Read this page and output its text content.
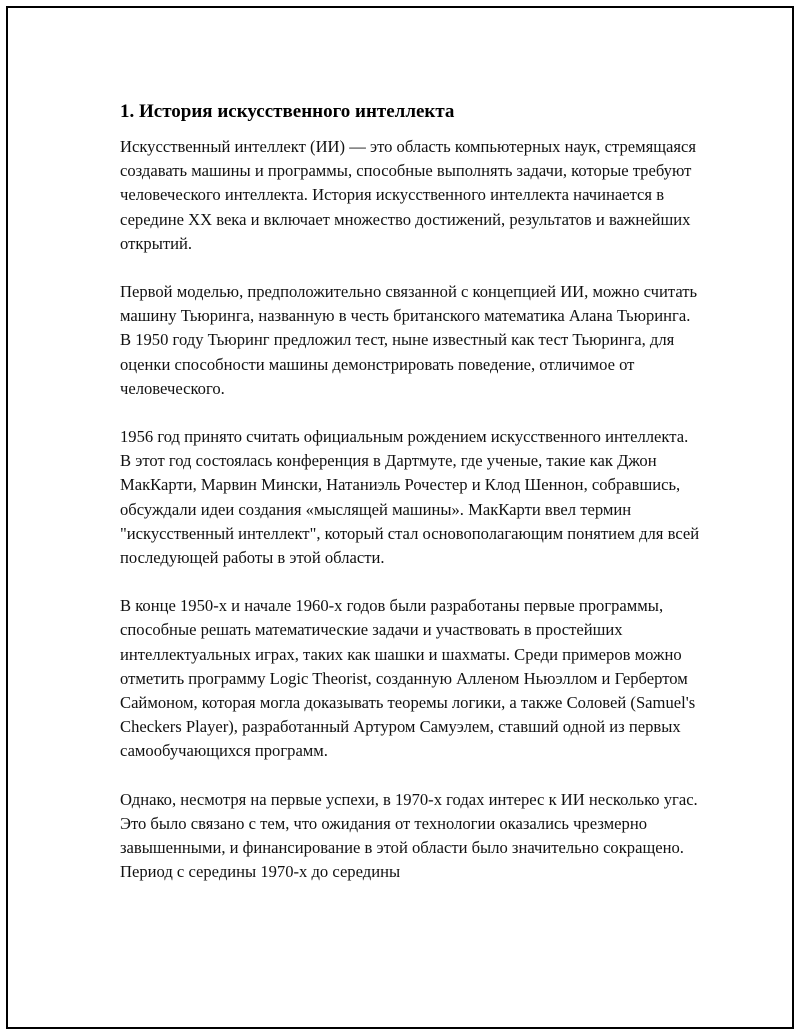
1. История искусственного интеллекта

Искусственный интеллект (ИИ) — это область компьютерных наук, стремящаяся создавать машины и программы, способные выполнять задачи, которые требуют человеческого интеллекта. История искусственного интеллекта начинается в середине XX века и включает множество достижений, результатов и важнейших открытий.

Первой моделью, предположительно связанной с концепцией ИИ, можно считать машину Тьюринга, названную в честь британского математика Алана Тьюринга. В 1950 году Тьюринг предложил тест, ныне известный как тест Тьюринга, для оценки способности машины демонстрировать поведение, отличимое от человеческого.

1956 год принято считать официальным рождением искусственного интеллекта. В этот год состоялась конференция в Дартмуте, где ученые, такие как Джон МакКарти, Марвин Мински, Натаниэль Рочестер и Клод Шеннон, собравшись, обсуждали идеи создания «мыслящей машины». МакКарти ввел термин "искусственный интеллект", который стал основополагающим понятием для всей последующей работы в этой области.

В конце 1950-х и начале 1960-х годов были разработаны первые программы, способные решать математические задачи и участвовать в простейших интеллектуальных играх, таких как шашки и шахматы. Среди примеров можно отметить программу Logic Theorist, созданную Алленом Ньюэллом и Гербертом Саймоном, которая могла доказывать теоремы логики, а также Соловей (Samuel's Checkers Player), разработанный Артуром Самуэлем, ставший одной из первых самообучающихся программ.

Однако, несмотря на первые успехи, в 1970-х годах интерес к ИИ несколько угас. Это было связано с тем, что ожидания от технологии оказались чрезмерно завышенными, и финансирование в этой области было значительно сокращено. Период с середины 1970-х до середины
